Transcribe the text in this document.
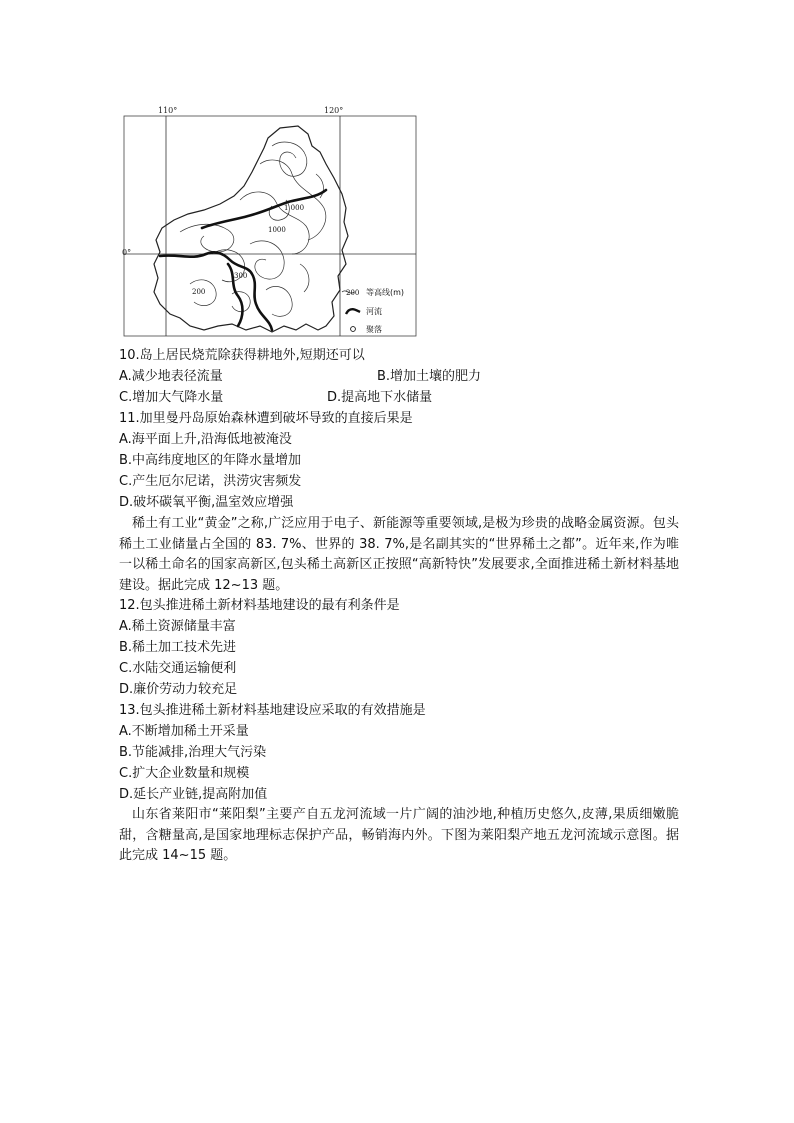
110°	120°
0°
1 000
1000
300
200	200 等高线(m)
河流
聚落
10.岛上居民烧荒除获得耕地外,短期还可以
A.减少地表径流量	B.增加土壤的肥力
C.增加大气降水量	D.提高地下水储量
11.加里曼丹岛原始森林遭到破坏导致的直接后果是
A.海平面上升,沿海低地被淹没
B.中高纬度地区的年降水量增加
C.产生厄尔尼诺，洪涝灾害频发
D.破坏碳氧平衡,温室效应增强
稀土有工业“黄金”之称,广泛应用于电子、新能源等重要领域,是极为珍贵的战略金属资源。包头稀土工业储量占全国的 83. 7%、世界的 38. 7%,是名副其实的“世界稀土之都”。近年来,作为唯一以稀土命名的国家高新区,包头稀土高新区正按照“高新特快”发展要求,全面推进稀土新材料基地建设。据此完成 12~13 题。
12.包头推进稀土新材料基地建设的最有利条件是
A.稀土资源储量丰富
B.稀土加工技术先进
C.水陆交通运输便利
D.廉价劳动力较充足
13.包头推进稀土新材料基地建设应采取的有效措施是
A.不断增加稀土开采量
B.节能减排,治理大气污染
C.扩大企业数量和规模
D.延长产业链,提高附加值
山东省莱阳市“莱阳梨”主要产自五龙河流域一片广阔的油沙地,种植历史悠久,皮薄,果质细嫩脆甜，含糖量高,是国家地理标志保护产品，畅销海内外。下图为莱阳梨产地五龙河流域示意图。据此完成 14~15 题。
